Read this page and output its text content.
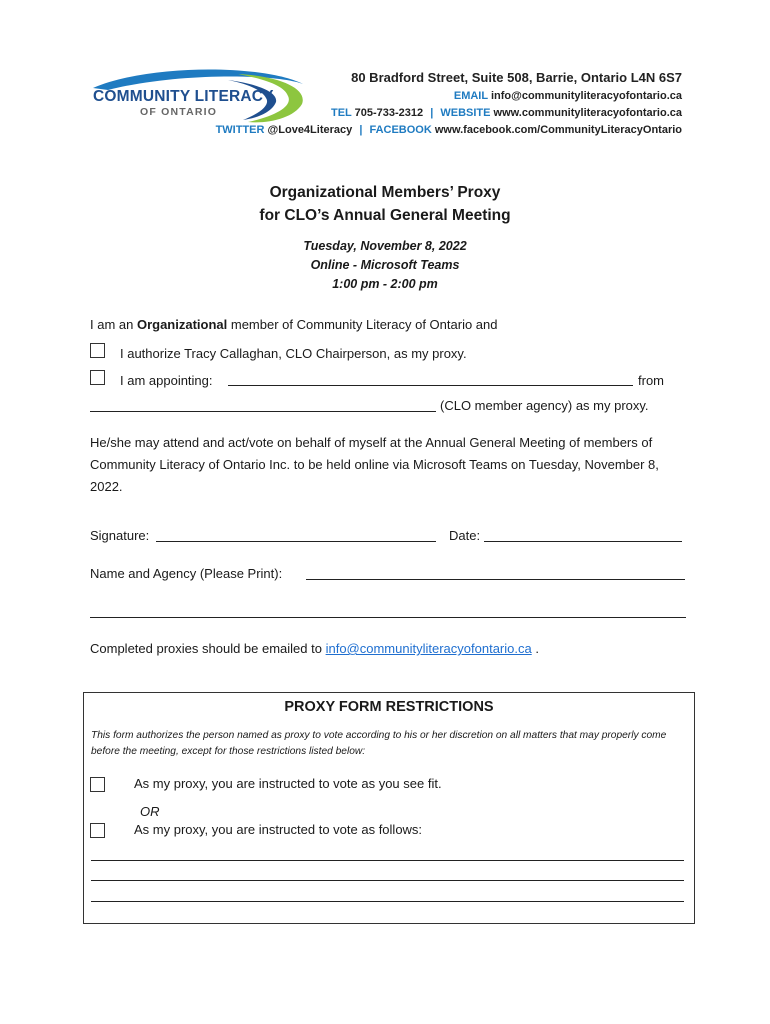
COMMUNITY LITERACY
OF ONTARIO
80 Bradford Street, Suite 508, Barrie, Ontario L4N 6S7
EMAIL info@communityliteracyofontario.ca
TEL 705-733-2312 | WEBSITE www.communityliteracyofontario.ca
TWITTER @Love4Literacy | FACEBOOK www.facebook.com/CommunityLiteracyOntario
Organizational Members’ Proxy
for CLO’s Annual General Meeting
Tuesday, November 8, 2022
Online - Microsoft Teams
1:00 pm - 2:00 pm
I am an Organizational member of Community Literacy of Ontario and
I authorize Tracy Callaghan, CLO Chairperson, as my proxy.
I am appointing:	from
(CLO member agency) as my proxy.
He/she may attend and act/vote on behalf of myself at the Annual General Meeting of members of Community Literacy of Ontario Inc. to be held online via Microsoft Teams on Tuesday, November 8, 2022.
Signature:	Date:
Name and Agency (Please Print):
Completed proxies should be emailed to info@communityliteracyofontario.ca .
PROXY FORM RESTRICTIONS
This form authorizes the person named as proxy to vote according to his or her discretion on all matters that may properly come before the meeting, except for those restrictions listed below:
As my proxy, you are instructed to vote as you see fit.
OR
As my proxy, you are instructed to vote as follows:
